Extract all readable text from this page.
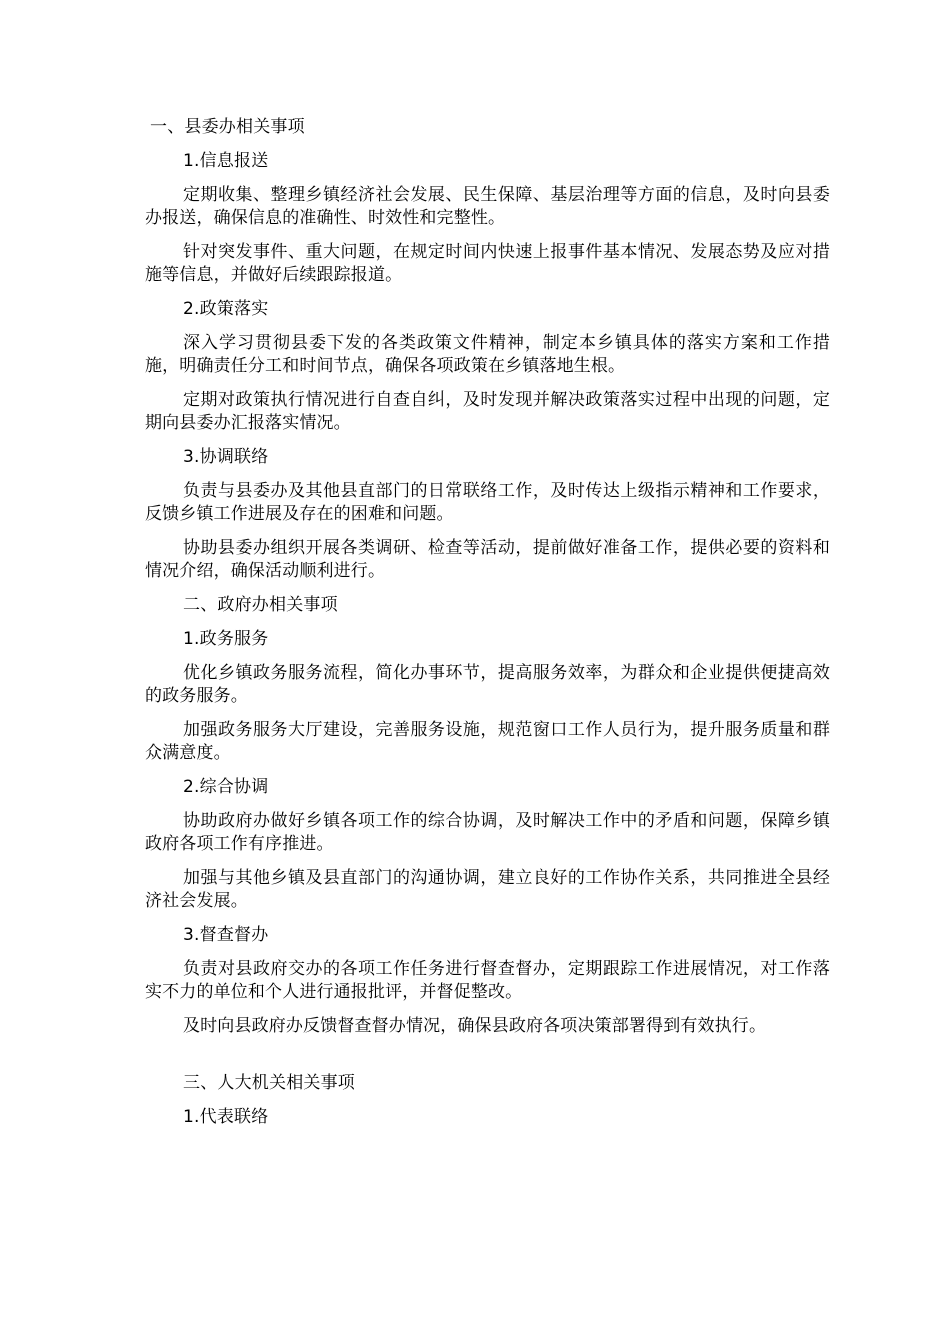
一、县委办相关事项
1.信息报送
定期收集、整理乡镇经济社会发展、民生保障、基层治理等方面的信息，及时向县委办报送，确保信息的准确性、时效性和完整性。
针对突发事件、重大问题，在规定时间内快速上报事件基本情况、发展态势及应对措施等信息，并做好后续跟踪报道。
2.政策落实
深入学习贯彻县委下发的各类政策文件精神，制定本乡镇具体的落实方案和工作措施，明确责任分工和时间节点，确保各项政策在乡镇落地生根。
定期对政策执行情况进行自查自纠，及时发现并解决政策落实过程中出现的问题，定期向县委办汇报落实情况。
3.协调联络
负责与县委办及其他县直部门的日常联络工作，及时传达上级指示精神和工作要求，反馈乡镇工作进展及存在的困难和问题。
协助县委办组织开展各类调研、检查等活动，提前做好准备工作，提供必要的资料和情况介绍，确保活动顺利进行。
二、政府办相关事项
1.政务服务
优化乡镇政务服务流程，简化办事环节，提高服务效率，为群众和企业提供便捷高效的政务服务。
加强政务服务大厅建设，完善服务设施，规范窗口工作人员行为，提升服务质量和群众满意度。
2.综合协调
协助政府办做好乡镇各项工作的综合协调，及时解决工作中的矛盾和问题，保障乡镇政府各项工作有序推进。
加强与其他乡镇及县直部门的沟通协调，建立良好的工作协作关系，共同推进全县经济社会发展。
3.督查督办
负责对县政府交办的各项工作任务进行督查督办，定期跟踪工作进展情况，对工作落实不力的单位和个人进行通报批评，并督促整改。
及时向县政府办反馈督查督办情况，确保县政府各项决策部署得到有效执行。
三、人大机关相关事项
1.代表联络
